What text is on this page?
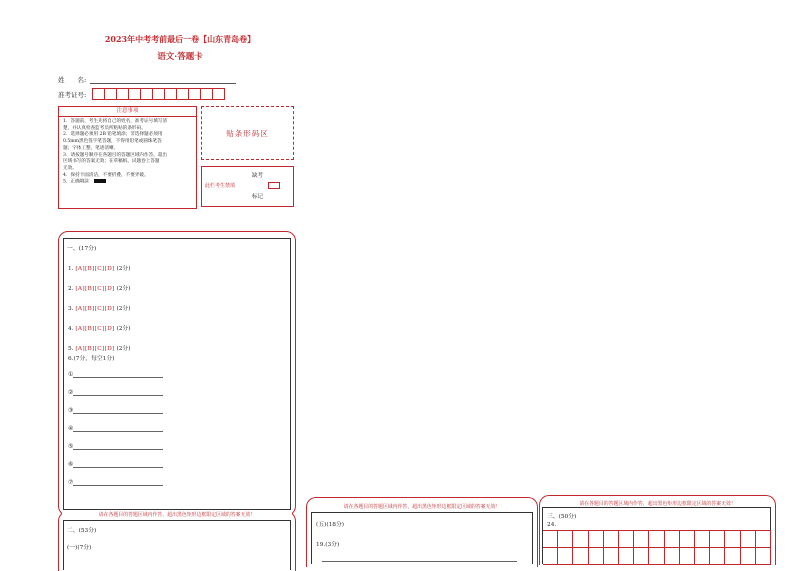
2023年中考考前最后一卷【山东青岛卷】
语文·答题卡
姓　　名:
准考证号:
注意事项
1．答题前，考生先将自己的姓名，准考证号填写清
楚，并认真检查监考员所粘贴的条形码。
2．选择题必须用 2B 铅笔填涂；非选择题必须用
0.5mm黑色签字笔答题，不得用铅笔或圆珠笔答
题；字体工整、笔迹清晰。
3．请按题号顺序在各题目的答题区域内作答，超出
区域书写的答案无效；在草稿纸、试题卷上答题
无效。
4．保持卡面清洁，不要折叠、不要弄破。
5．正确填涂
贴条形码区
缺考
此栏考生禁填
标记
一、(17分)
1. [A][B][C][D] (2分)
2. [A][B][C][D] (2分)
3. [A][B][C][D] (2分)
4. [A][B][C][D] (2分)
5. [A][B][C][D] (2分)
6.(7分，每空1分)
①
②
③
④
⑤
⑥
⑦
请在各题目的答题区域内作答，超出黑色矩形边框限定区域的答案无效！
二、(53分)
(一)(7分)
请在各题目的答题区域内作答，超出黑色矩形边框限定区域的答案无效！
(五)(18分)
19.(3分)
请在各题目的答题区域内作答，超出黑色矩形边框限定区域的答案无效！
三、(50分)
24.
